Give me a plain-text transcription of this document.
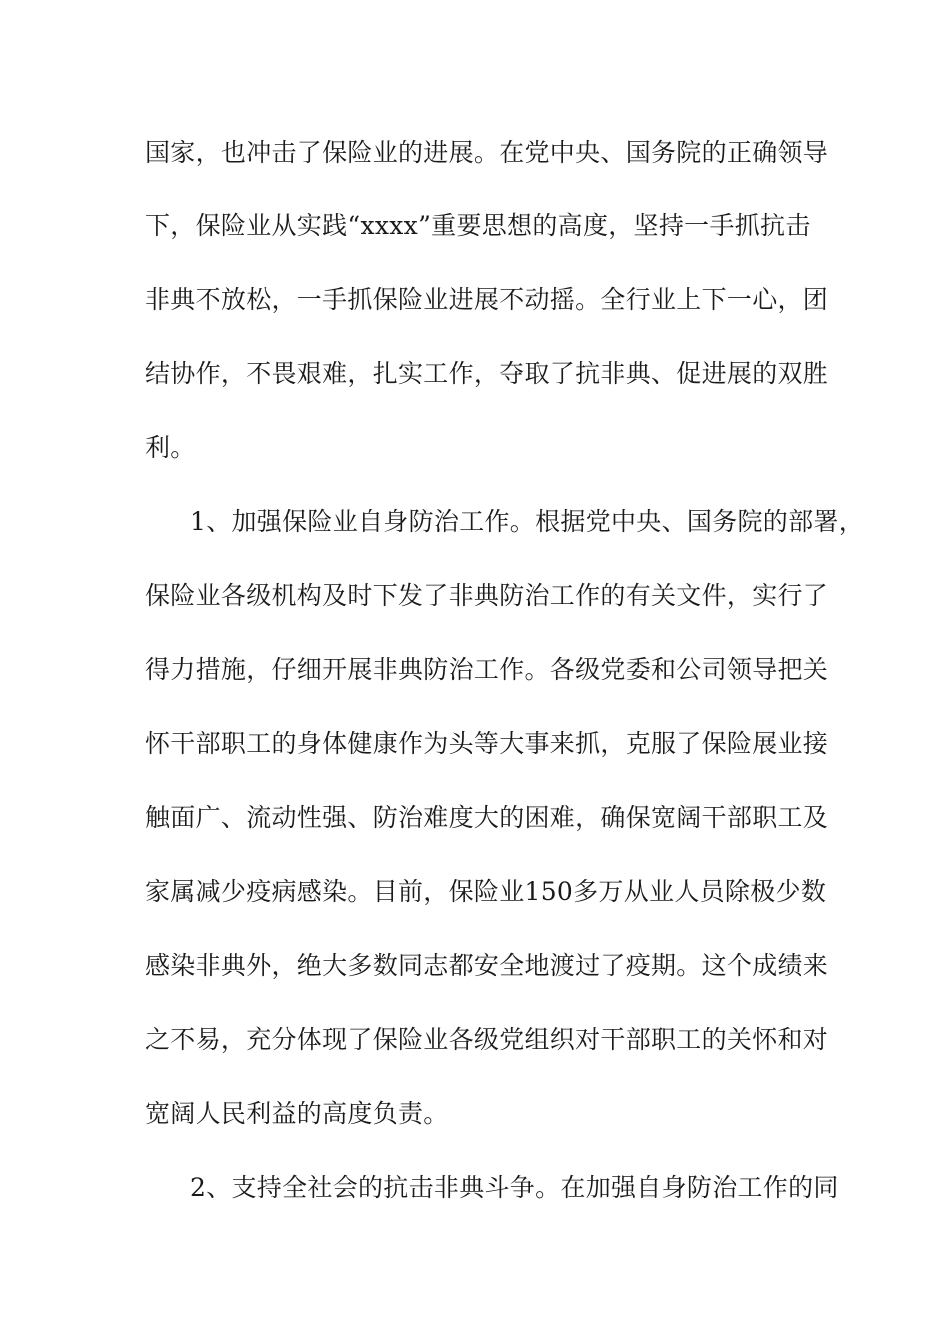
国家，也冲击了保险业的进展。在党中央、国务院的正确领导
下，保险业从实践“xxxx”重要思想的高度，坚持一手抓抗击
非典不放松，一手抓保险业进展不动摇。全行业上下一心，团
结协作，不畏艰难，扎实工作，夺取了抗非典、促进展的双胜
利。
1、加强保险业自身防治工作。根据党中央、国务院的部署，
保险业各级机构及时下发了非典防治工作的有关文件，实行了
得力措施，仔细开展非典防治工作。各级党委和公司领导把关
怀干部职工的身体健康作为头等大事来抓，克服了保险展业接
触面广、流动性强、防治难度大的困难，确保宽阔干部职工及
家属减少疫病感染。目前，保险业150多万从业人员除极少数
感染非典外，绝大多数同志都安全地渡过了疫期。这个成绩来
之不易，充分体现了保险业各级党组织对干部职工的关怀和对
宽阔人民利益的高度负责。
2、支持全社会的抗击非典斗争。在加强自身防治工作的同
